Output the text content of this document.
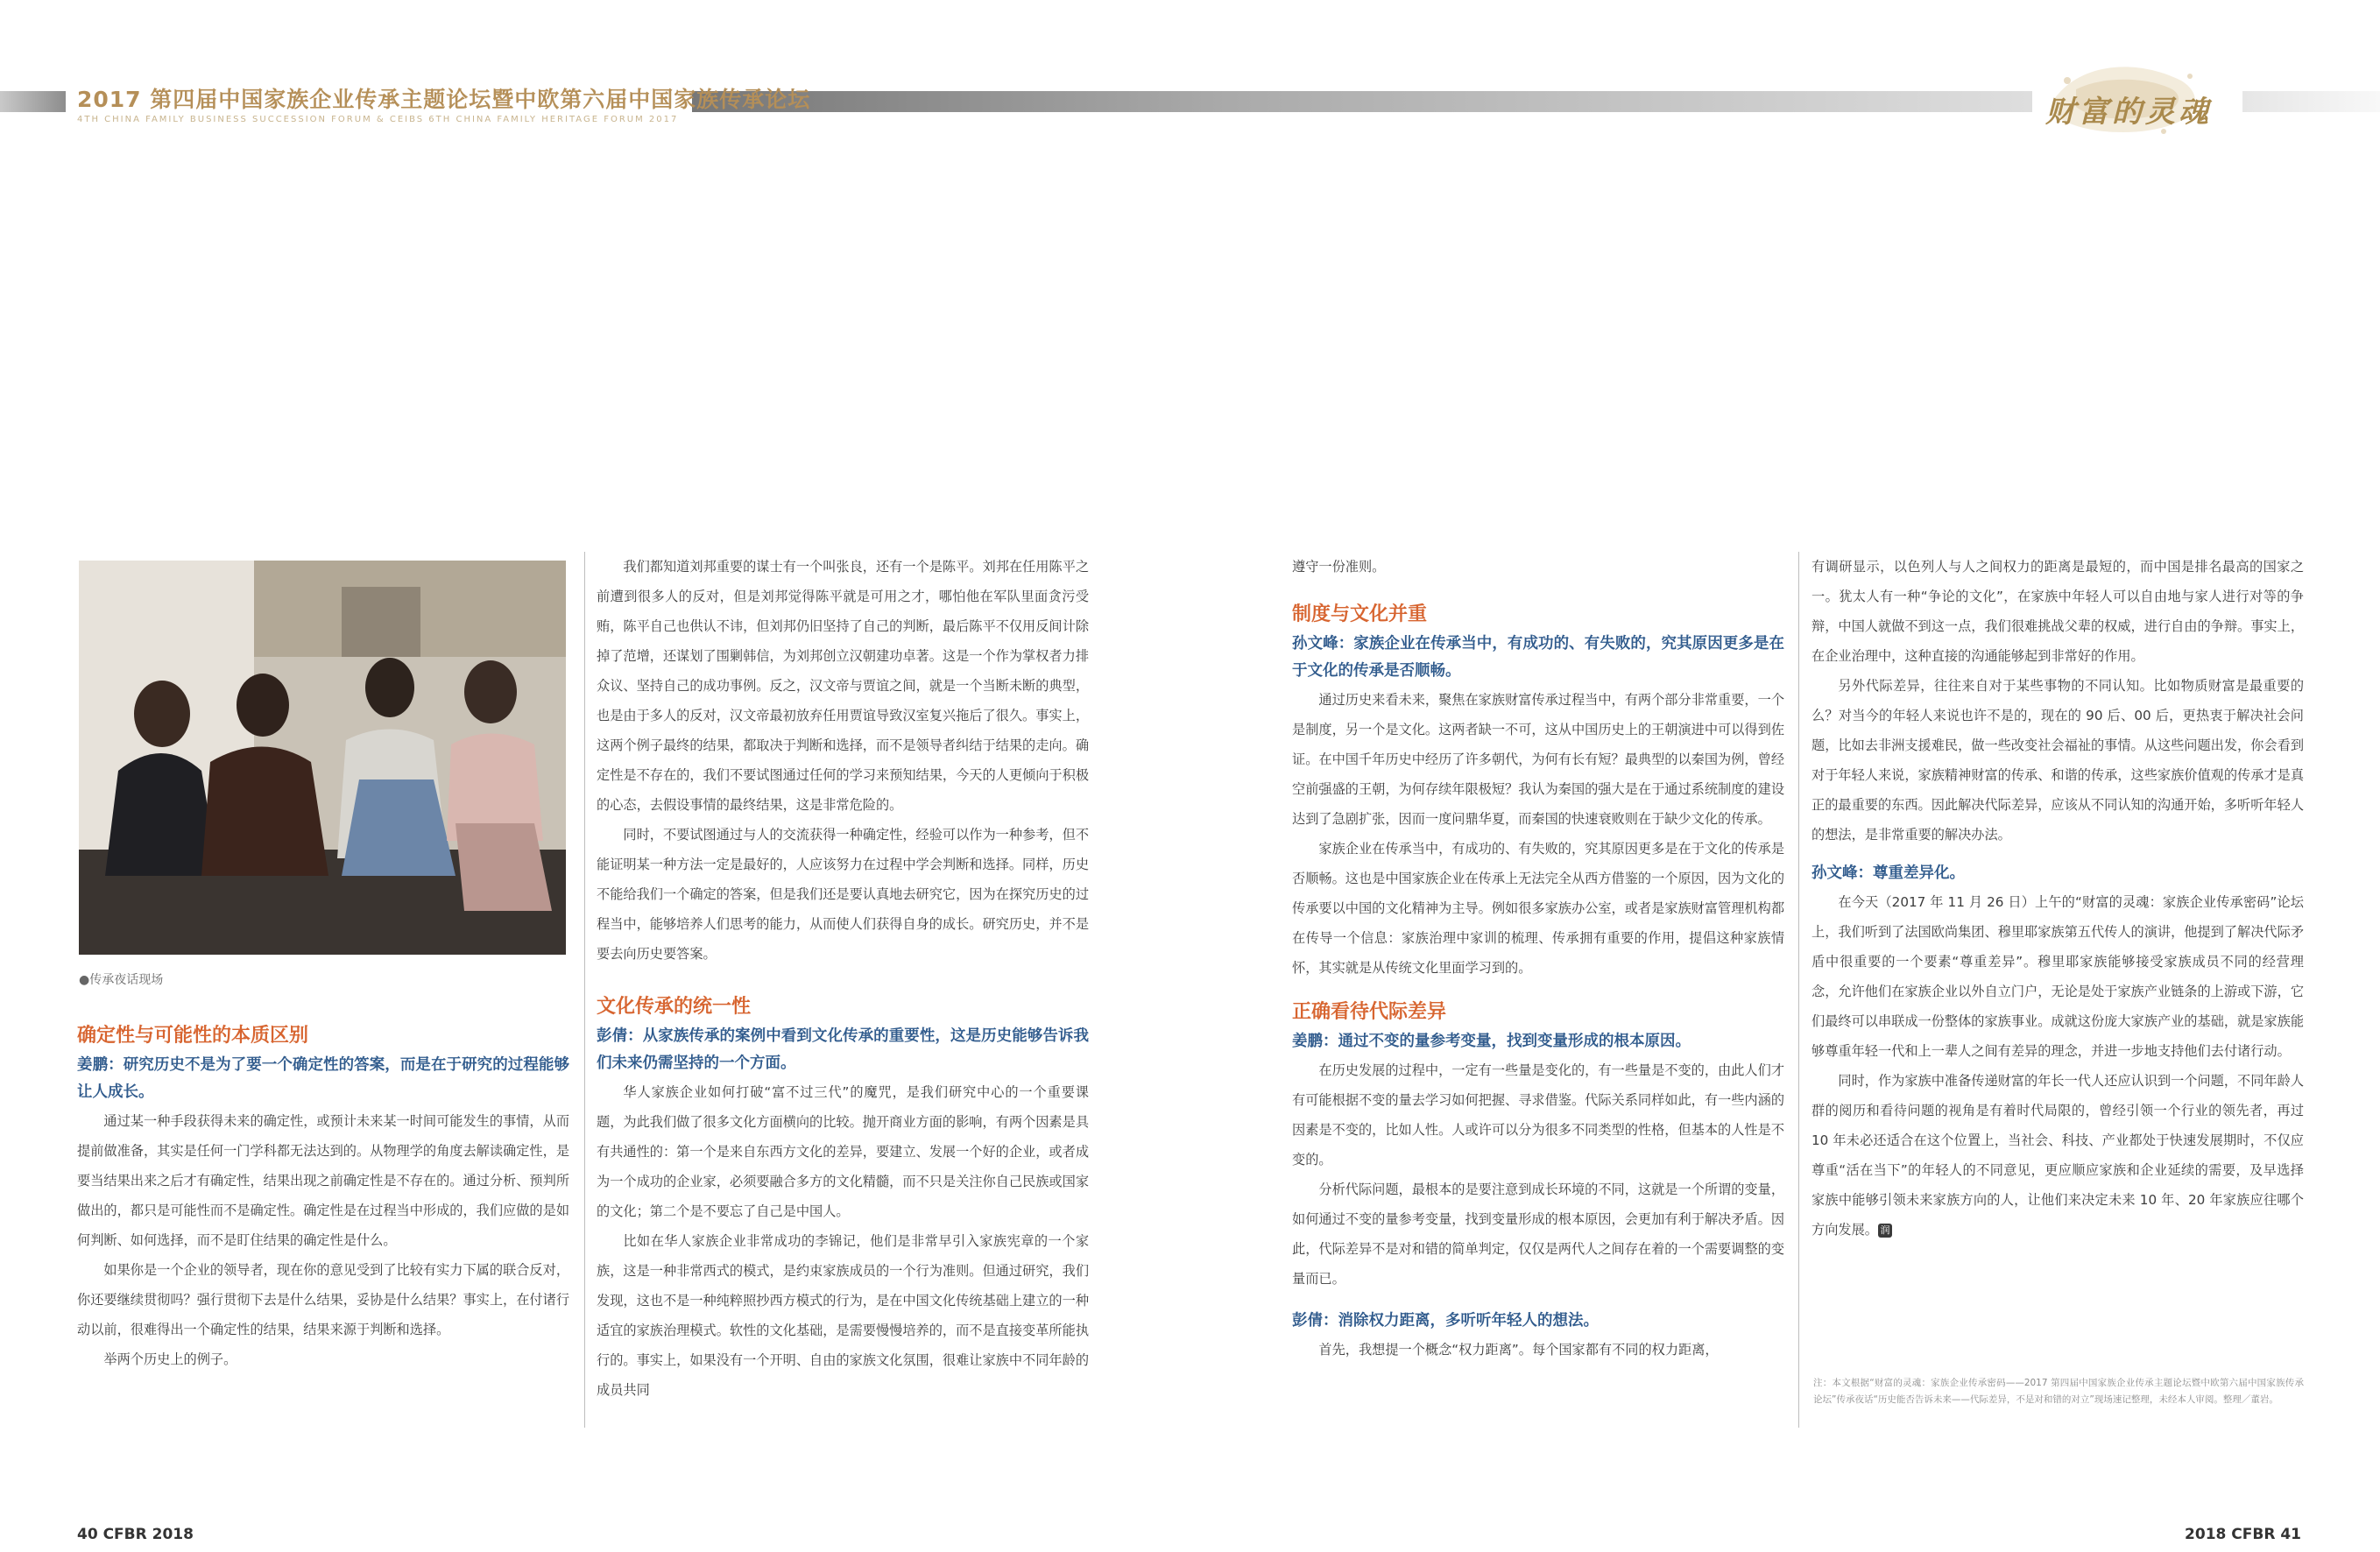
2017 第四届中国家族企业传承主题论坛暨中欧第六届中国家族传承论坛
4TH CHINA FAMILY BUSINESS SUCCESSION FORUM & CEIBS 6TH CHINA FAMILY HERITAGE FORUM 2017	财富的灵魂
●传承夜话现场
确定性与可能性的本质区别
姜鹏：研究历史不是为了要一个确定性的答案，而是在于研究的过程能够让人成长。

通过某一种手段获得未来的确定性，或预计未来某一时间可能发生的事情，从而提前做准备，其实是任何一门学科都无法达到的。从物理学的角度去解读确定性，是要当结果出来之后才有确定性，结果出现之前确定性是不存在的。通过分析、预判所做出的，都只是可能性而不是确定性。确定性是在过程当中形成的，我们应做的是如何判断、如何选择，而不是盯住结果的确定性是什么。

如果你是一个企业的领导者，现在你的意见受到了比较有实力下属的联合反对，你还要继续贯彻吗？强行贯彻下去是什么结果，妥协是什么结果？事实上，在付诸行动以前，很难得出一个确定性的结果，结果来源于判断和选择。

举两个历史上的例子。

我们都知道刘邦重要的谋士有一个叫张良，还有一个是陈平。刘邦在任用陈平之前遭到很多人的反对，但是刘邦觉得陈平就是可用之才，哪怕他在军队里面贪污受贿，陈平自己也供认不讳，但刘邦仍旧坚持了自己的判断，最后陈平不仅用反间计除掉了范增，还谋划了围剿韩信，为刘邦创立汉朝建功卓著。这是一个作为掌权者力排众议、坚持自己的成功事例。反之，汉文帝与贾谊之间，就是一个当断未断的典型，也是由于多人的反对，汉文帝最初放弃任用贾谊导致汉室复兴拖后了很久。事实上，这两个例子最终的结果，都取决于判断和选择，而不是领导者纠结于结果的走向。确定性是不存在的，我们不要试图通过任何的学习来预知结果，今天的人更倾向于积极的心态，去假设事情的最终结果，这是非常危险的。

同时，不要试图通过与人的交流获得一种确定性，经验可以作为一种参考，但不能证明某一种方法一定是最好的，人应该努力在过程中学会判断和选择。同样，历史不能给我们一个确定的答案，但是我们还是要认真地去研究它，因为在探究历史的过程当中，能够培养人们思考的能力，从而使人们获得自身的成长。研究历史，并不是要去向历史要答案。

文化传承的统一性
彭倩：从家族传承的案例中看到文化传承的重要性，这是历史能够告诉我们未来仍需坚持的一个方面。

华人家族企业如何打破“富不过三代”的魔咒，是我们研究中心的一个重要课题，为此我们做了很多文化方面横向的比较。抛开商业方面的影响，有两个因素是具有共通性的：第一个是来自东西方文化的差异，要建立、发展一个好的企业，或者成为一个成功的企业家，必须要融合多方的文化精髓，而不只是关注你自己民族或国家的文化；第二个是不要忘了自己是中国人。

比如在华人家族企业非常成功的李锦记，他们是非常早引入家族宪章的一个家族，这是一种非常西式的模式，是约束家族成员的一个行为准则。但通过研究，我们发现，这也不是一种纯粹照抄西方模式的行为，是在中国文化传统基础上建立的一种适宜的家族治理模式。软性的文化基础，是需要慢慢培养的，而不是直接变革所能执行的。事实上，如果没有一个开明、自由的家族文化氛围，很难让家族中不同年龄的成员共同

遵守一份准则。

制度与文化并重
孙文峰：家族企业在传承当中，有成功的、有失败的，究其原因更多是在于文化的传承是否顺畅。

通过历史来看未来，聚焦在家族财富传承过程当中，有两个部分非常重要，一个是制度，另一个是文化。这两者缺一不可，这从中国历史上的王朝演进中可以得到佐证。在中国千年历史中经历了许多朝代，为何有长有短？最典型的以秦国为例，曾经空前强盛的王朝，为何存续年限极短？我认为秦国的强大是在于通过系统制度的建设达到了急剧扩张，因而一度问鼎华夏，而秦国的快速衰败则在于缺少文化的传承。

家族企业在传承当中，有成功的、有失败的，究其原因更多是在于文化的传承是否顺畅。这也是中国家族企业在传承上无法完全从西方借鉴的一个原因，因为文化的传承要以中国的文化精神为主导。例如很多家族办公室，或者是家族财富管理机构都在传导一个信息：家族治理中家训的梳理、传承拥有重要的作用，提倡这种家族情怀，其实就是从传统文化里面学习到的。

正确看待代际差异
姜鹏：通过不变的量参考变量，找到变量形成的根本原因。

在历史发展的过程中，一定有一些量是变化的，有一些量是不变的，由此人们才有可能根据不变的量去学习如何把握、寻求借鉴。代际关系同样如此，有一些内涵的因素是不变的，比如人性。人或许可以分为很多不同类型的性格，但基本的人性是不变的。

分析代际问题，最根本的是要注意到成长环境的不同，这就是一个所谓的变量，如何通过不变的量参考变量，找到变量形成的根本原因，会更加有利于解决矛盾。因此，代际差异不是对和错的简单判定，仅仅是两代人之间存在着的一个需要调整的变量而已。

彭倩：消除权力距离，多听听年轻人的想法。

首先，我想提一个概念“权力距离”。每个国家都有不同的权力距离，

有调研显示，以色列人与人之间权力的距离是最短的，而中国是排名最高的国家之一。犹太人有一种“争论的文化”，在家族中年轻人可以自由地与家人进行对等的争辩，中国人就做不到这一点，我们很难挑战父辈的权威，进行自由的争辩。事实上，在企业治理中，这种直接的沟通能够起到非常好的作用。

另外代际差异，往往来自对于某些事物的不同认知。比如物质财富是最重要的么？对当今的年轻人来说也许不是的，现在的 90 后、00 后，更热衷于解决社会问题，比如去非洲支援难民，做一些改变社会福祉的事情。从这些问题出发，你会看到对于年轻人来说，家族精神财富的传承、和谐的传承，这些家族价值观的传承才是真正的最重要的东西。因此解决代际差异，应该从不同认知的沟通开始，多听听年轻人的想法，是非常重要的解决办法。

孙文峰：尊重差异化。

在今天（2017 年 11 月 26 日）上午的“财富的灵魂：家族企业传承密码”论坛上，我们听到了法国欧尚集团、穆里耶家族第五代传人的演讲，他提到了解决代际矛盾中很重要的一个要素“尊重差异”。穆里耶家族能够接受家族成员不同的经营理念，允许他们在家族企业以外自立门户，无论是处于家族产业链条的上游或下游，它们最终可以串联成一份整体的家族事业。成就这份庞大家族产业的基础，就是家族能够尊重年轻一代和上一辈人之间有差异的理念，并进一步地支持他们去付诸行动。

同时，作为家族中准备传递财富的年长一代人还应认识到一个问题，不同年龄人群的阅历和看待问题的视角是有着时代局限的，曾经引领一个行业的领先者，再过 10 年未必还适合在这个位置上，当社会、科技、产业都处于快速发展期时，不仅应尊重“活在当下”的年轻人的不同意见，更应顺应家族和企业延续的需要，及早选择家族中能够引领未来家族方向的人，让他们来决定未来 10 年、20 年家族应往哪个方向发展。 润

注：本文根据“财富的灵魂：家族企业传承密码——2017 第四届中国家族企业传承主题论坛暨中欧第六届中国家族传承论坛”传承夜话“历史能否告诉未来——代际差异，不是对和错的对立”现场速记整理，未经本人审阅。整理／董岩。
40 CFBR 2018	2018 CFBR 41
